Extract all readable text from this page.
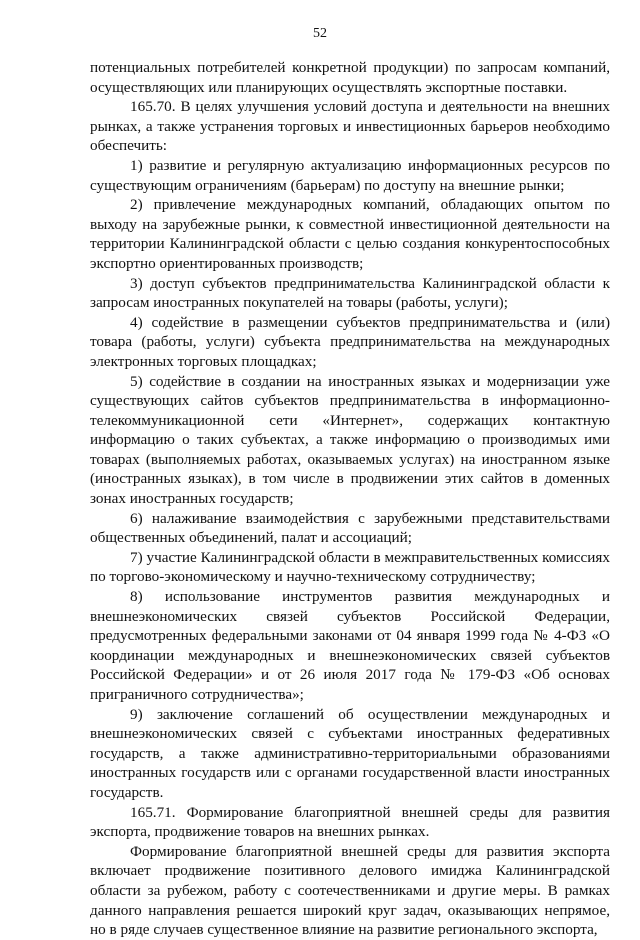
52

потенциальных потребителей конкретной продукции) по запросам компаний, осуществляющих или планирующих осуществлять экспортные поставки.

165.70. В целях улучшения условий доступа и деятельности на внешних рынках, а также устранения торговых и инвестиционных барьеров необходимо обеспечить:

1) развитие и регулярную актуализацию информационных ресурсов по существующим ограничениям (барьерам) по доступу на внешние рынки;

2) привлечение международных компаний, обладающих опытом по выходу на зарубежные рынки, к совместной инвестиционной деятельности на территории Калининградской области с целью создания конкурентоспособных экспортно ориентированных производств;

3) доступ субъектов предпринимательства Калининградской области к запросам иностранных покупателей на товары (работы, услуги);

4) содействие в размещении субъектов предпринимательства и (или) товара (работы, услуги) субъекта предпринимательства на международных электронных торговых площадках;

5) содействие в создании на иностранных языках и модернизации уже существующих сайтов субъектов предпринимательства в информационно-телекоммуникационной сети «Интернет», содержащих контактную информацию о таких субъектах, а также информацию о производимых ими товарах (выполняемых работах, оказываемых услугах) на иностранном языке (иностранных языках), в том числе в продвижении этих сайтов в доменных зонах иностранных государств;

6) налаживание взаимодействия с зарубежными представительствами общественных объединений, палат и ассоциаций;

7) участие Калининградской области в межправительственных комиссиях по торгово-экономическому и научно-техническому сотрудничеству;

8) использование инструментов развития международных и внешнеэкономических связей субъектов Российской Федерации, предусмотренных федеральными законами от 04 января 1999 года № 4-ФЗ «О координации международных и внешнеэкономических связей субъектов Российской Федерации» и от 26 июля 2017 года № 179-ФЗ «Об основах приграничного сотрудничества»;

9) заключение соглашений об осуществлении международных и внешнеэкономических связей с субъектами иностранных федеративных государств, а также административно-территориальными образованиями иностранных государств или с органами государственной власти иностранных государств.

165.71. Формирование благоприятной внешней среды для развития экспорта, продвижение товаров на внешних рынках.

Формирование благоприятной внешней среды для развития экспорта включает продвижение позитивного делового имиджа Калининградской области за рубежом, работу с соотечественниками и другие меры. В рамках данного направления решается широкий круг задач, оказывающих непрямое, но в ряде случаев существенное влияние на развитие регионального экспорта,
